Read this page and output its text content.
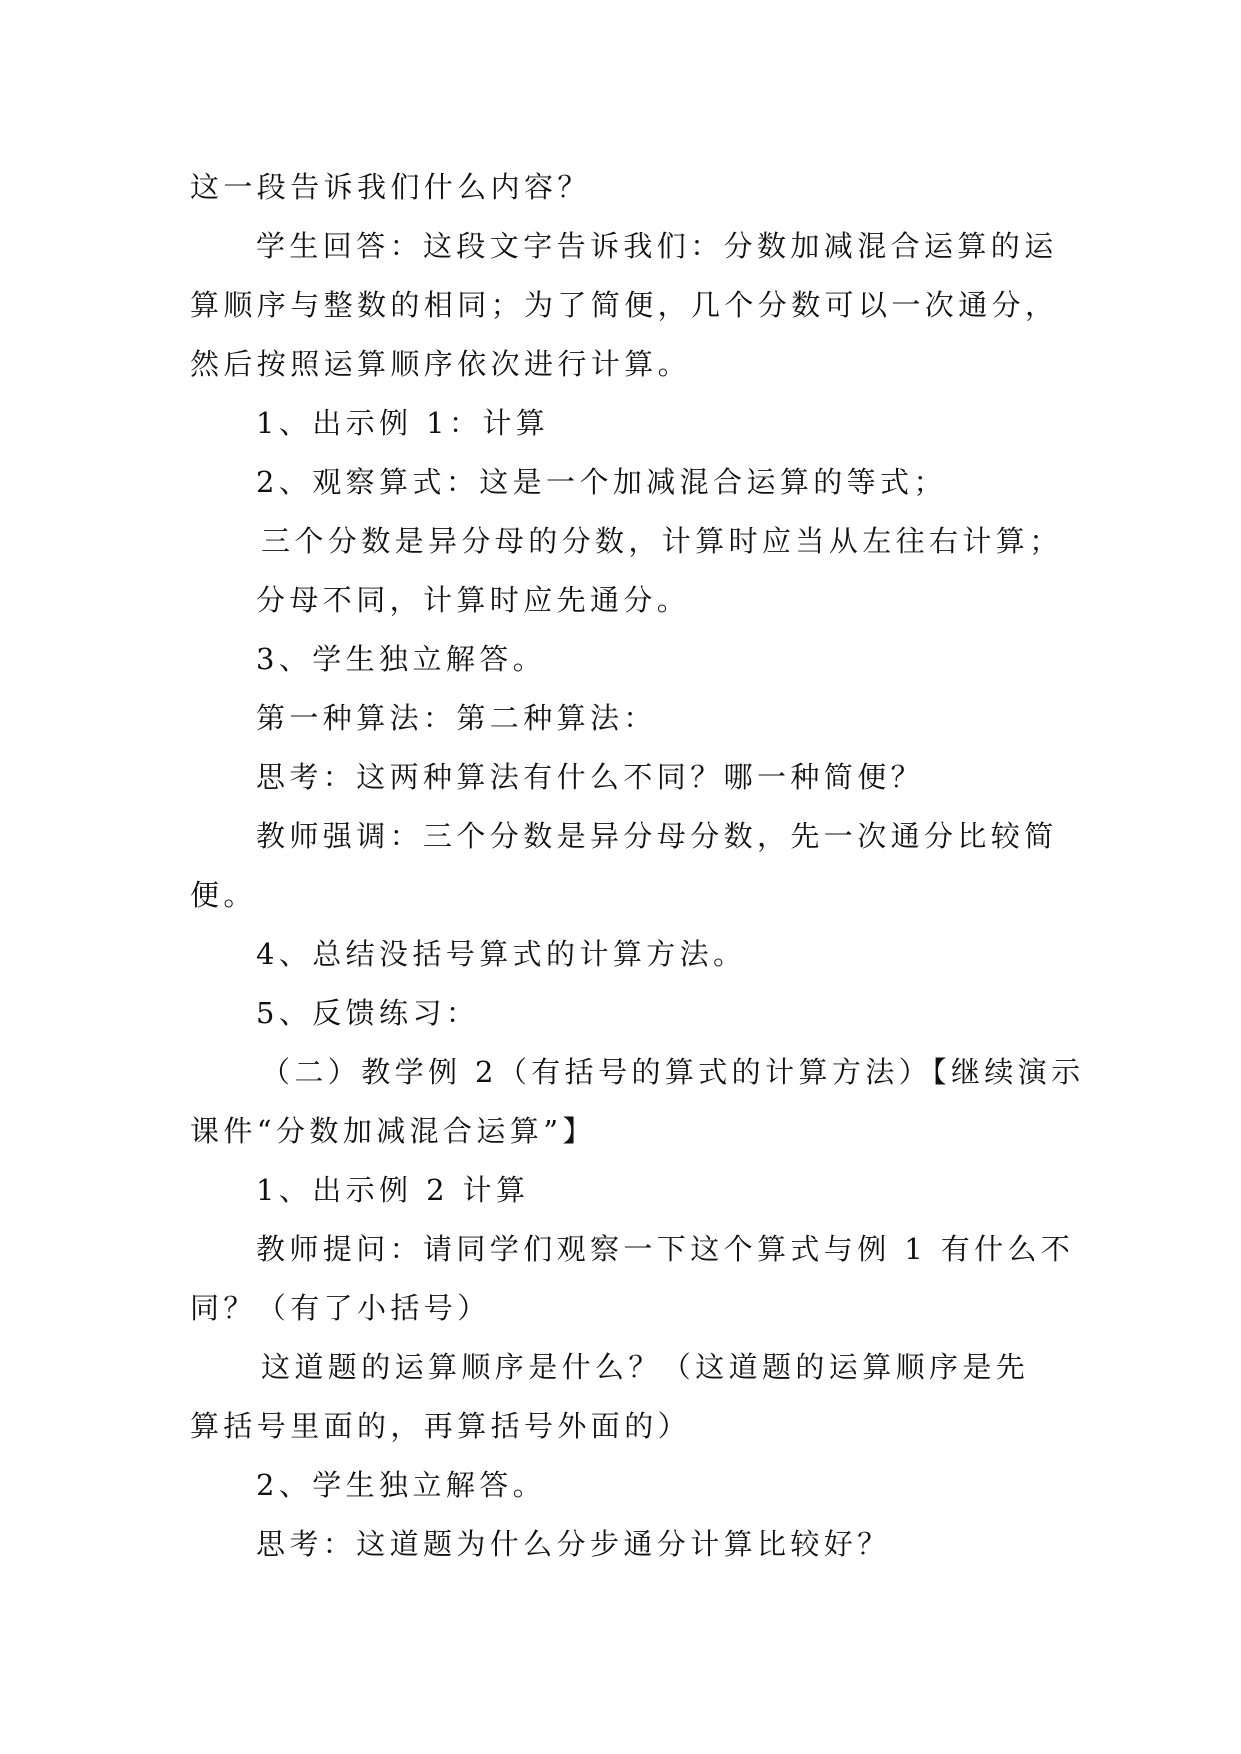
这一段告诉我们什么内容？
学生回答：这段文字告诉我们：分数加减混合运算的运
算顺序与整数的相同；为了简便，几个分数可以一次通分，
然后按照运算顺序依次进行计算。
1、出示例 1：计算
2、观察算式：这是一个加减混合运算的等式；
三个分数是异分母的分数，计算时应当从左往右计算；
分母不同，计算时应先通分。
3、学生独立解答。
第一种算法：第二种算法：
思考：这两种算法有什么不同？哪一种简便？
教师强调：三个分数是异分母分数，先一次通分比较简
便。
4、总结没括号算式的计算方法。
5、反馈练习：
（二）教学例 2（有括号的算式的计算方法）【继续演示
课件“分数加减混合运算”】
1、出示例 2 计算
教师提问：请同学们观察一下这个算式与例 1 有什么不
同？（有了小括号）
这道题的运算顺序是什么？（这道题的运算顺序是先
算括号里面的，再算括号外面的）
2、学生独立解答。
思考：这道题为什么分步通分计算比较好？
